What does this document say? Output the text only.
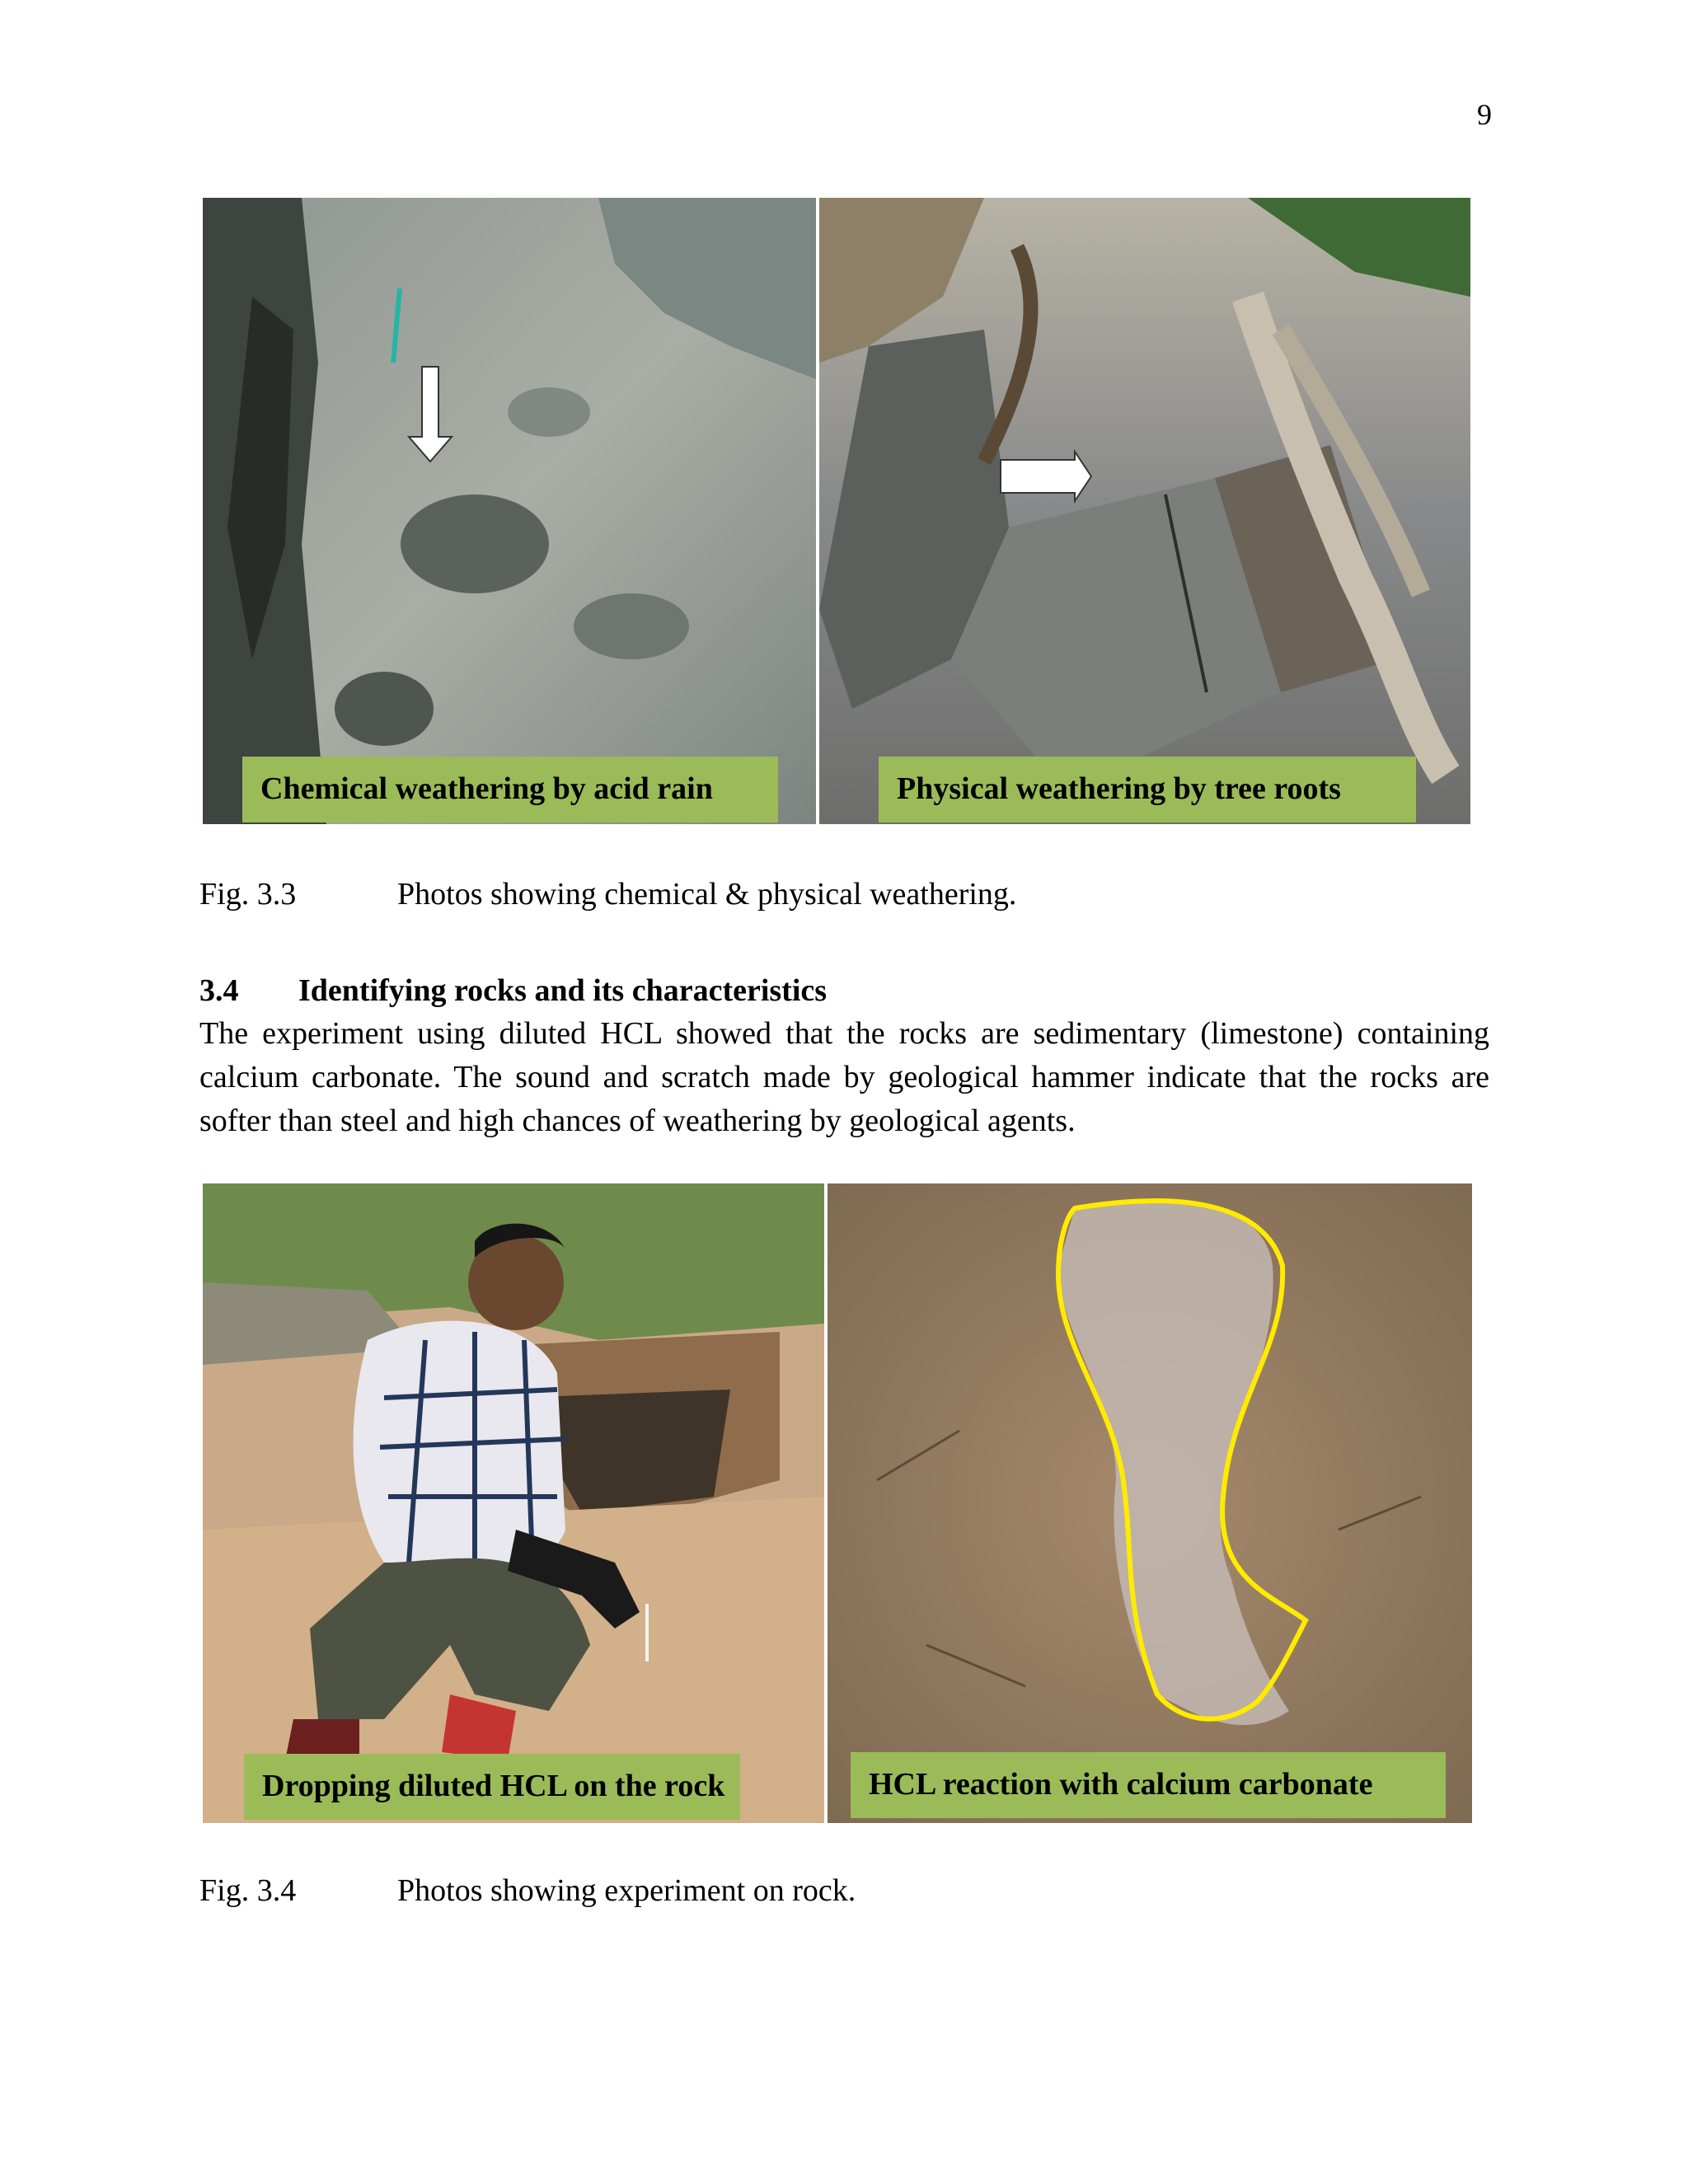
9
Chemical weathering by acid rain	Physical weathering by tree roots
Fig. 3.3	Photos showing chemical & physical weathering.
3.4 Identifying rocks and its characteristics
The experiment using diluted HCL showed that the rocks are sedimentary (limestone) containing calcium carbonate. The sound and scratch made by geological hammer indicate that the rocks are softer than steel and high chances of weathering by geological agents.
Dropping diluted HCL on the rock	HCL reaction with calcium carbonate
Fig. 3.4	Photos showing experiment on rock.
